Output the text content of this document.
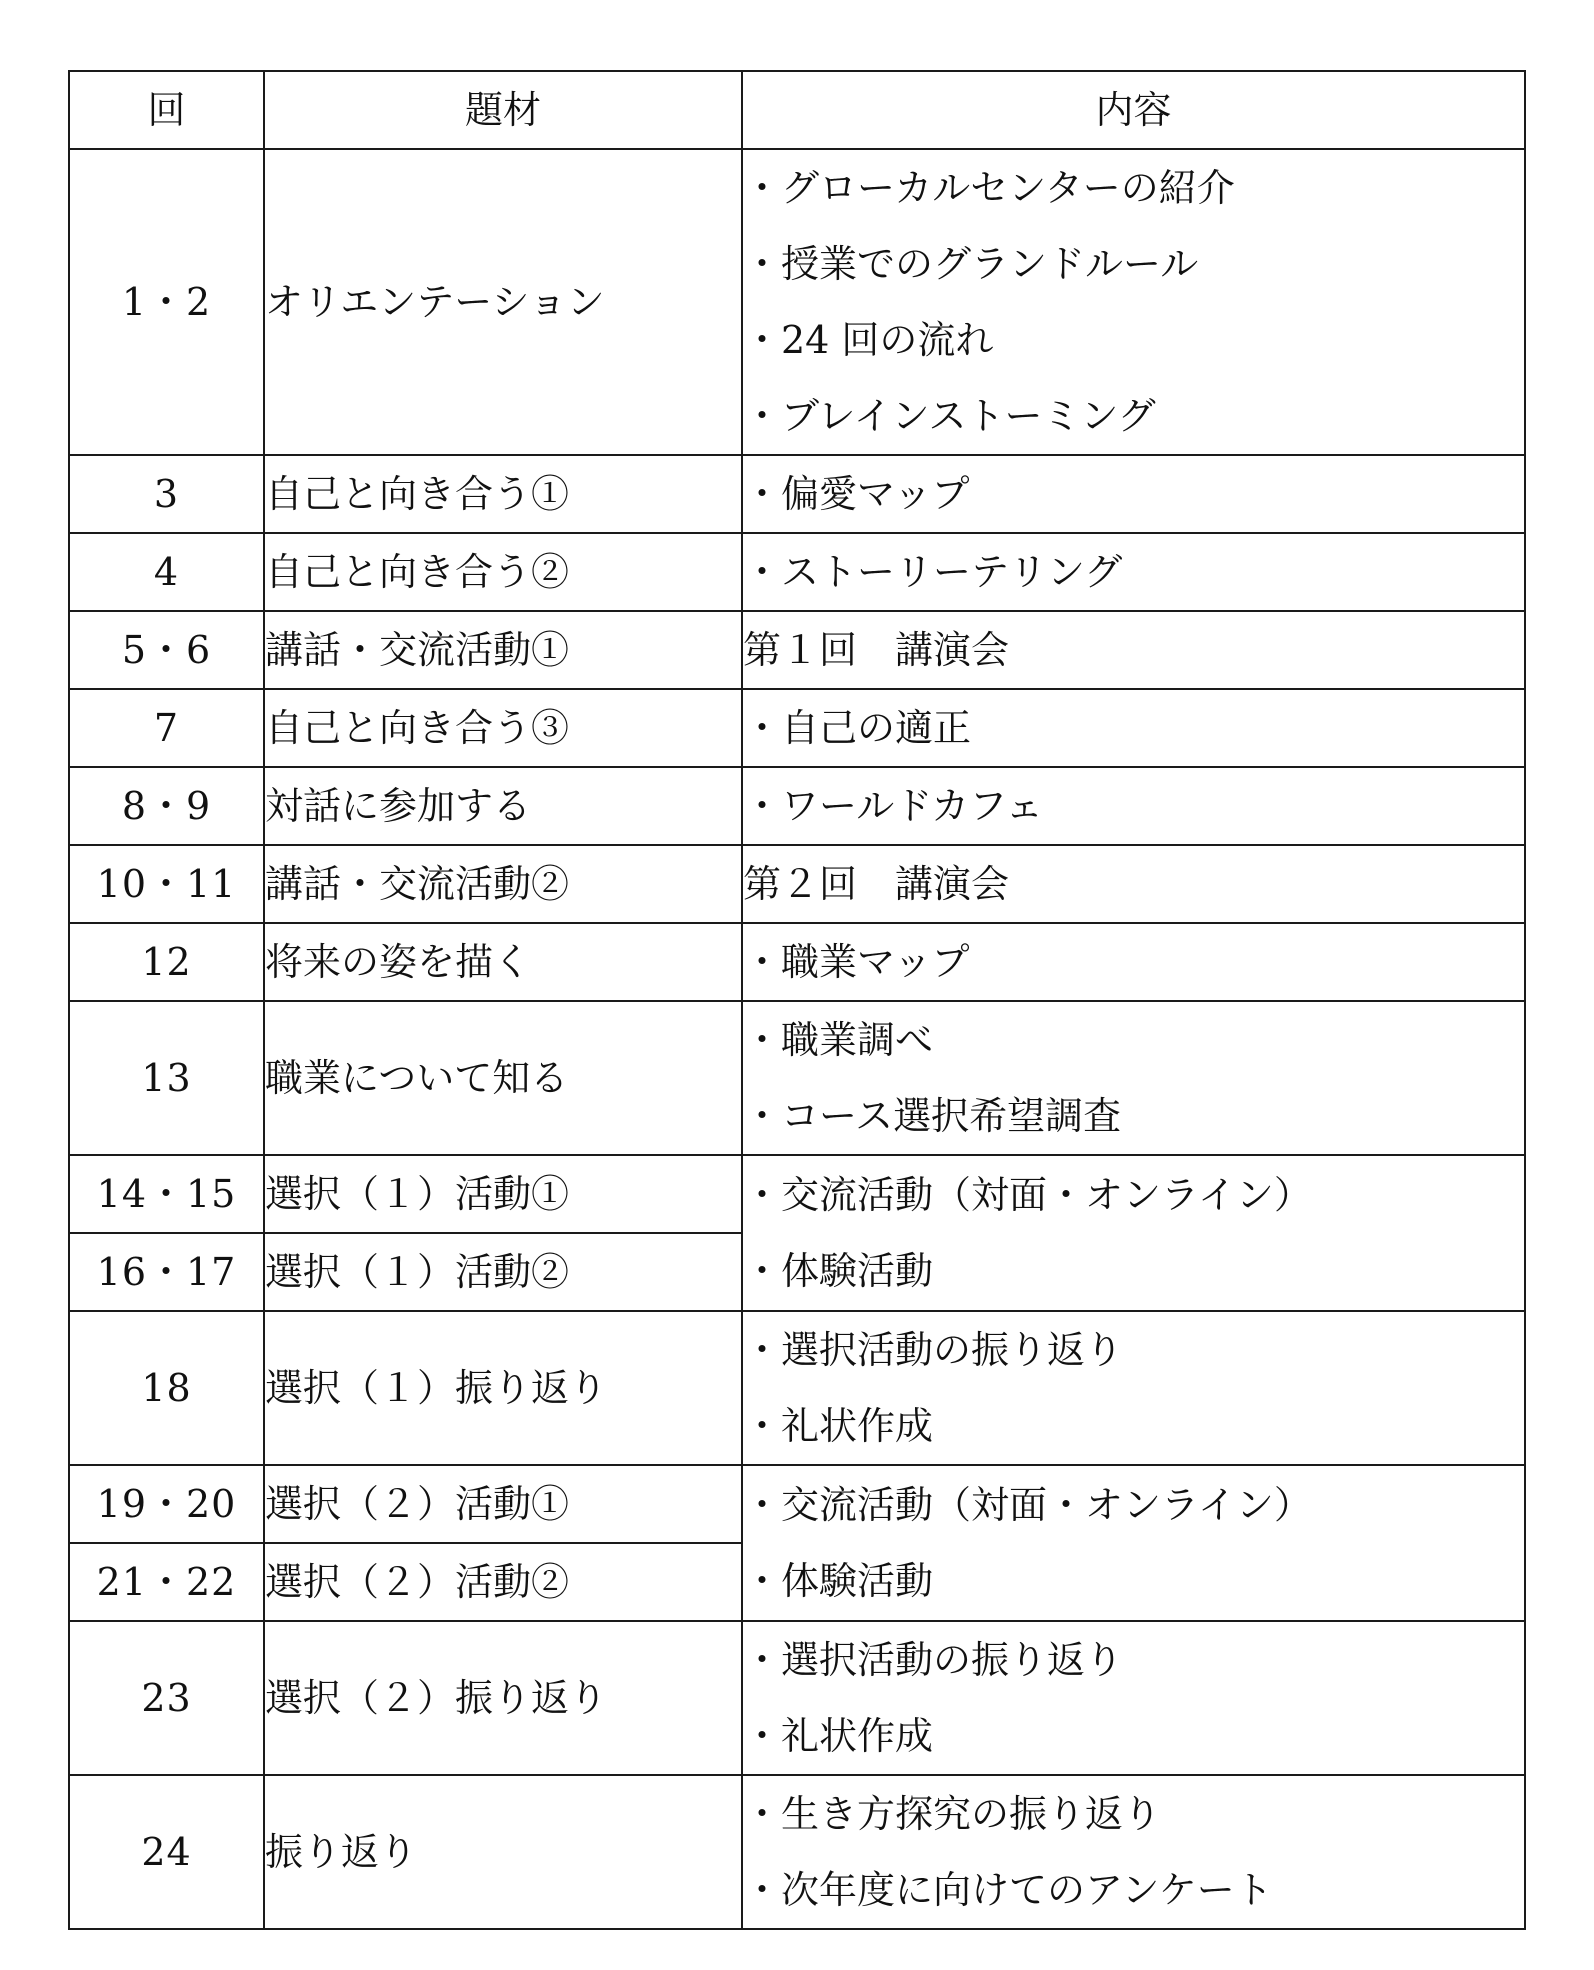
回	題材	内容
1・2	オリエンテーション	・グローカルセンターの紹介
・授業でのグランドルール
・24 回の流れ
・ブレインストーミング

3	自己と向き合う①	・偏愛マップ

4	自己と向き合う②	・ストーリーテリング

5・6	講話・交流活動①	第１回　講演会

7	自己と向き合う③	・自己の適正

8・9	対話に参加する	・ワールドカフェ

10・11	講話・交流活動②	第２回　講演会

12	将来の姿を描く	・職業マップ

13	職業について知る	・職業調べ
・コース選択希望調査

14・15	選択（１）活動①	・交流活動（対面・オンライン）
・体験活動

16・17	選択（１）活動②	
18	選択（１）振り返り	・選択活動の振り返り
・礼状作成

19・20	選択（２）活動①	・交流活動（対面・オンライン）
・体験活動

21・22	選択（２）活動②	
23	選択（２）振り返り	・選択活動の振り返り
・礼状作成

24	振り返り	・生き方探究の振り返り
・次年度に向けてのアンケート
